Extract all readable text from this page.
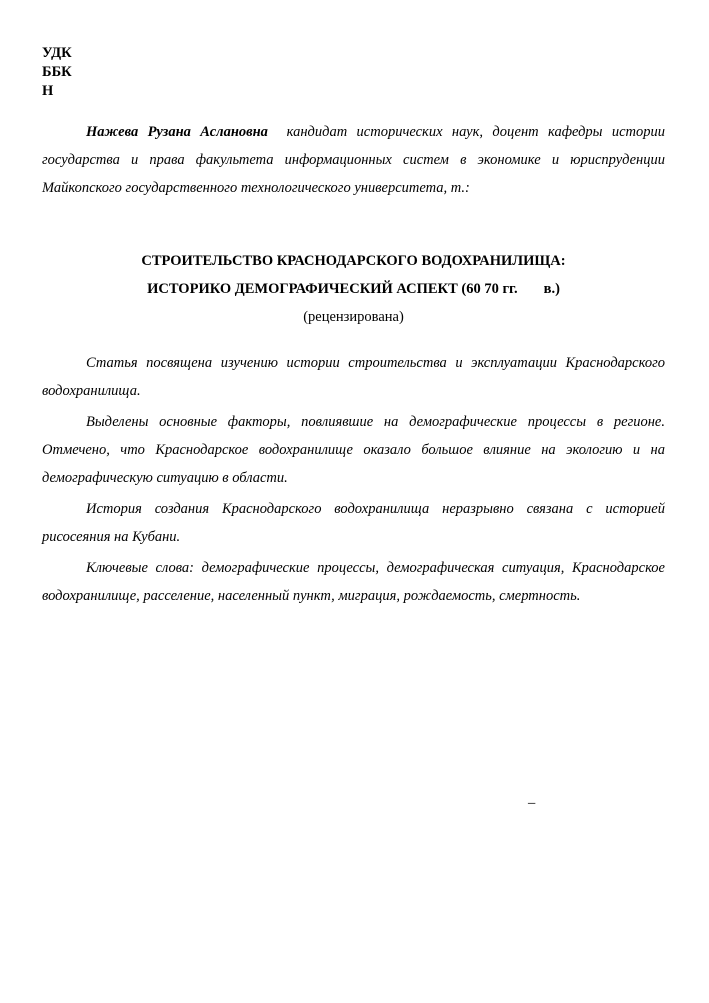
УДК
ББК
Н
Нажева Рузана Аслановна кандидат исторических наук, доцент кафедры истории государства и права факультета информационных систем в экономике и юриспруденции Майкопского государственного технологического университета, т.:
СТРОИТЕЛЬСТВО КРАСНОДАРСКОГО ВОДОХРАНИЛИЩА:
ИСТОРИКО ДЕМОГРАФИЧЕСКИЙ АСПЕКТ (60 70 гг. в.)
(рецензирована)

Статья посвящена изучению истории строительства и эксплуатации Краснодарского водохранилища.

Выделены основные факторы, повлиявшие на демографические процессы в регионе. Отмечено, что Краснодарское водохранилище оказало большое влияние на экологию и на демографическую ситуацию в области.

История создания Краснодарского водохранилища неразрывно связана с историей рисосеяния на Кубани.

Ключевые слова: демографические процессы, демографическая ситуация, Краснодарское водохранилище, расселение, населенный пункт, миграция, рождаемость, смертность.

–
